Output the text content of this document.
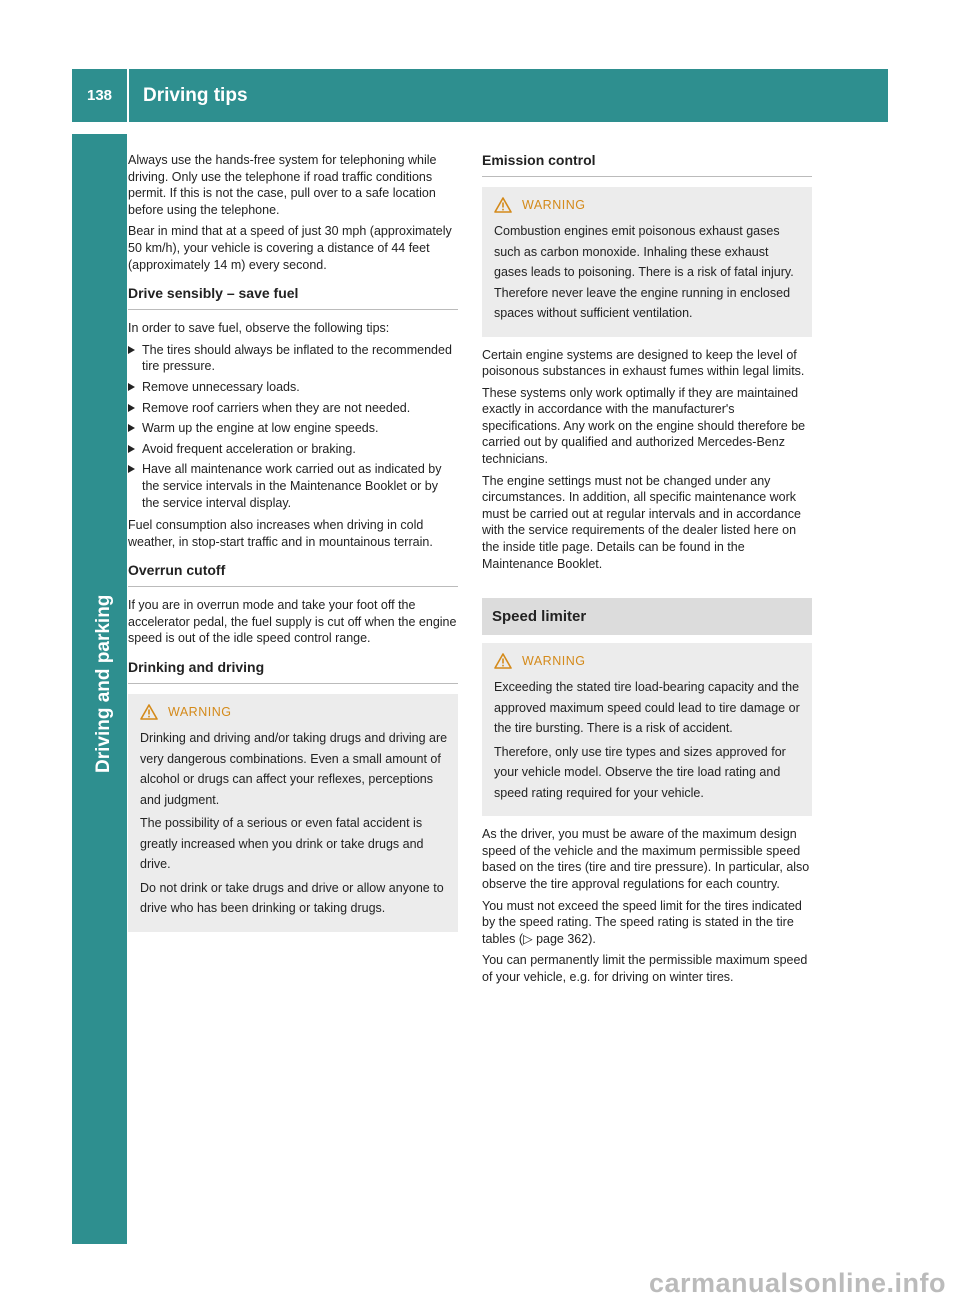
138	Driving tips
Driving and parking

Always use the hands-free system for telephoning while driving. Only use the telephone if road traffic conditions permit. If this is not the case, pull over to a safe location before using the telephone.

Bear in mind that at a speed of just 30 mph (approximately 50 km/h), your vehicle is covering a distance of 44 feet (approximately 14 m) every second.

Drive sensibly – save fuel

In order to save fuel, observe the following tips:

The tires should always be inflated to the recommended tire pressure.
Remove unnecessary loads.
Remove roof carriers when they are not needed.
Warm up the engine at low engine speeds.
Avoid frequent acceleration or braking.
Have all maintenance work carried out as indicated by the service intervals in the Maintenance Booklet or by the service interval display.

Fuel consumption also increases when driving in cold weather, in stop-start traffic and in mountainous terrain.

Overrun cutoff

If you are in overrun mode and take your foot off the accelerator pedal, the fuel supply is cut off when the engine speed is out of the idle speed control range.

Drinking and driving
WARNING

Drinking and driving and/or taking drugs and driving are very dangerous combinations. Even a small amount of alcohol or drugs can affect your reflexes, perceptions and judgment.

The possibility of a serious or even fatal accident is greatly increased when you drink or take drugs and drive.

Do not drink or take drugs and drive or allow anyone to drive who has been drinking or taking drugs.

Emission control
WARNING

Combustion engines emit poisonous exhaust gases such as carbon monoxide. Inhaling these exhaust gases leads to poisoning. There is a risk of fatal injury. Therefore never leave the engine running in enclosed spaces without sufficient ventilation.

Certain engine systems are designed to keep the level of poisonous substances in exhaust fumes within legal limits.

These systems only work optimally if they are maintained exactly in accordance with the manufacturer's specifications. Any work on the engine should therefore be carried out by qualified and authorized Mercedes-Benz technicians.

The engine settings must not be changed under any circumstances. In addition, all specific maintenance work must be carried out at regular intervals and in accordance with the service requirements of the dealer listed here on the inside title page. Details can be found in the Maintenance Booklet.

Speed limiter
WARNING

Exceeding the stated tire load-bearing capacity and the approved maximum speed could lead to tire damage or the tire bursting. There is a risk of accident.

Therefore, only use tire types and sizes approved for your vehicle model. Observe the tire load rating and speed rating required for your vehicle.

As the driver, you must be aware of the maximum design speed of the vehicle and the maximum permissible speed based on the tires (tire and tire pressure). In particular, also observe the tire approval regulations for each country.

You must not exceed the speed limit for the tires indicated by the speed rating. The speed rating is stated in the tire tables (▷ page 362).

You can permanently limit the permissible maximum speed of your vehicle, e.g. for driving on winter tires.

carmanualsonline.info
